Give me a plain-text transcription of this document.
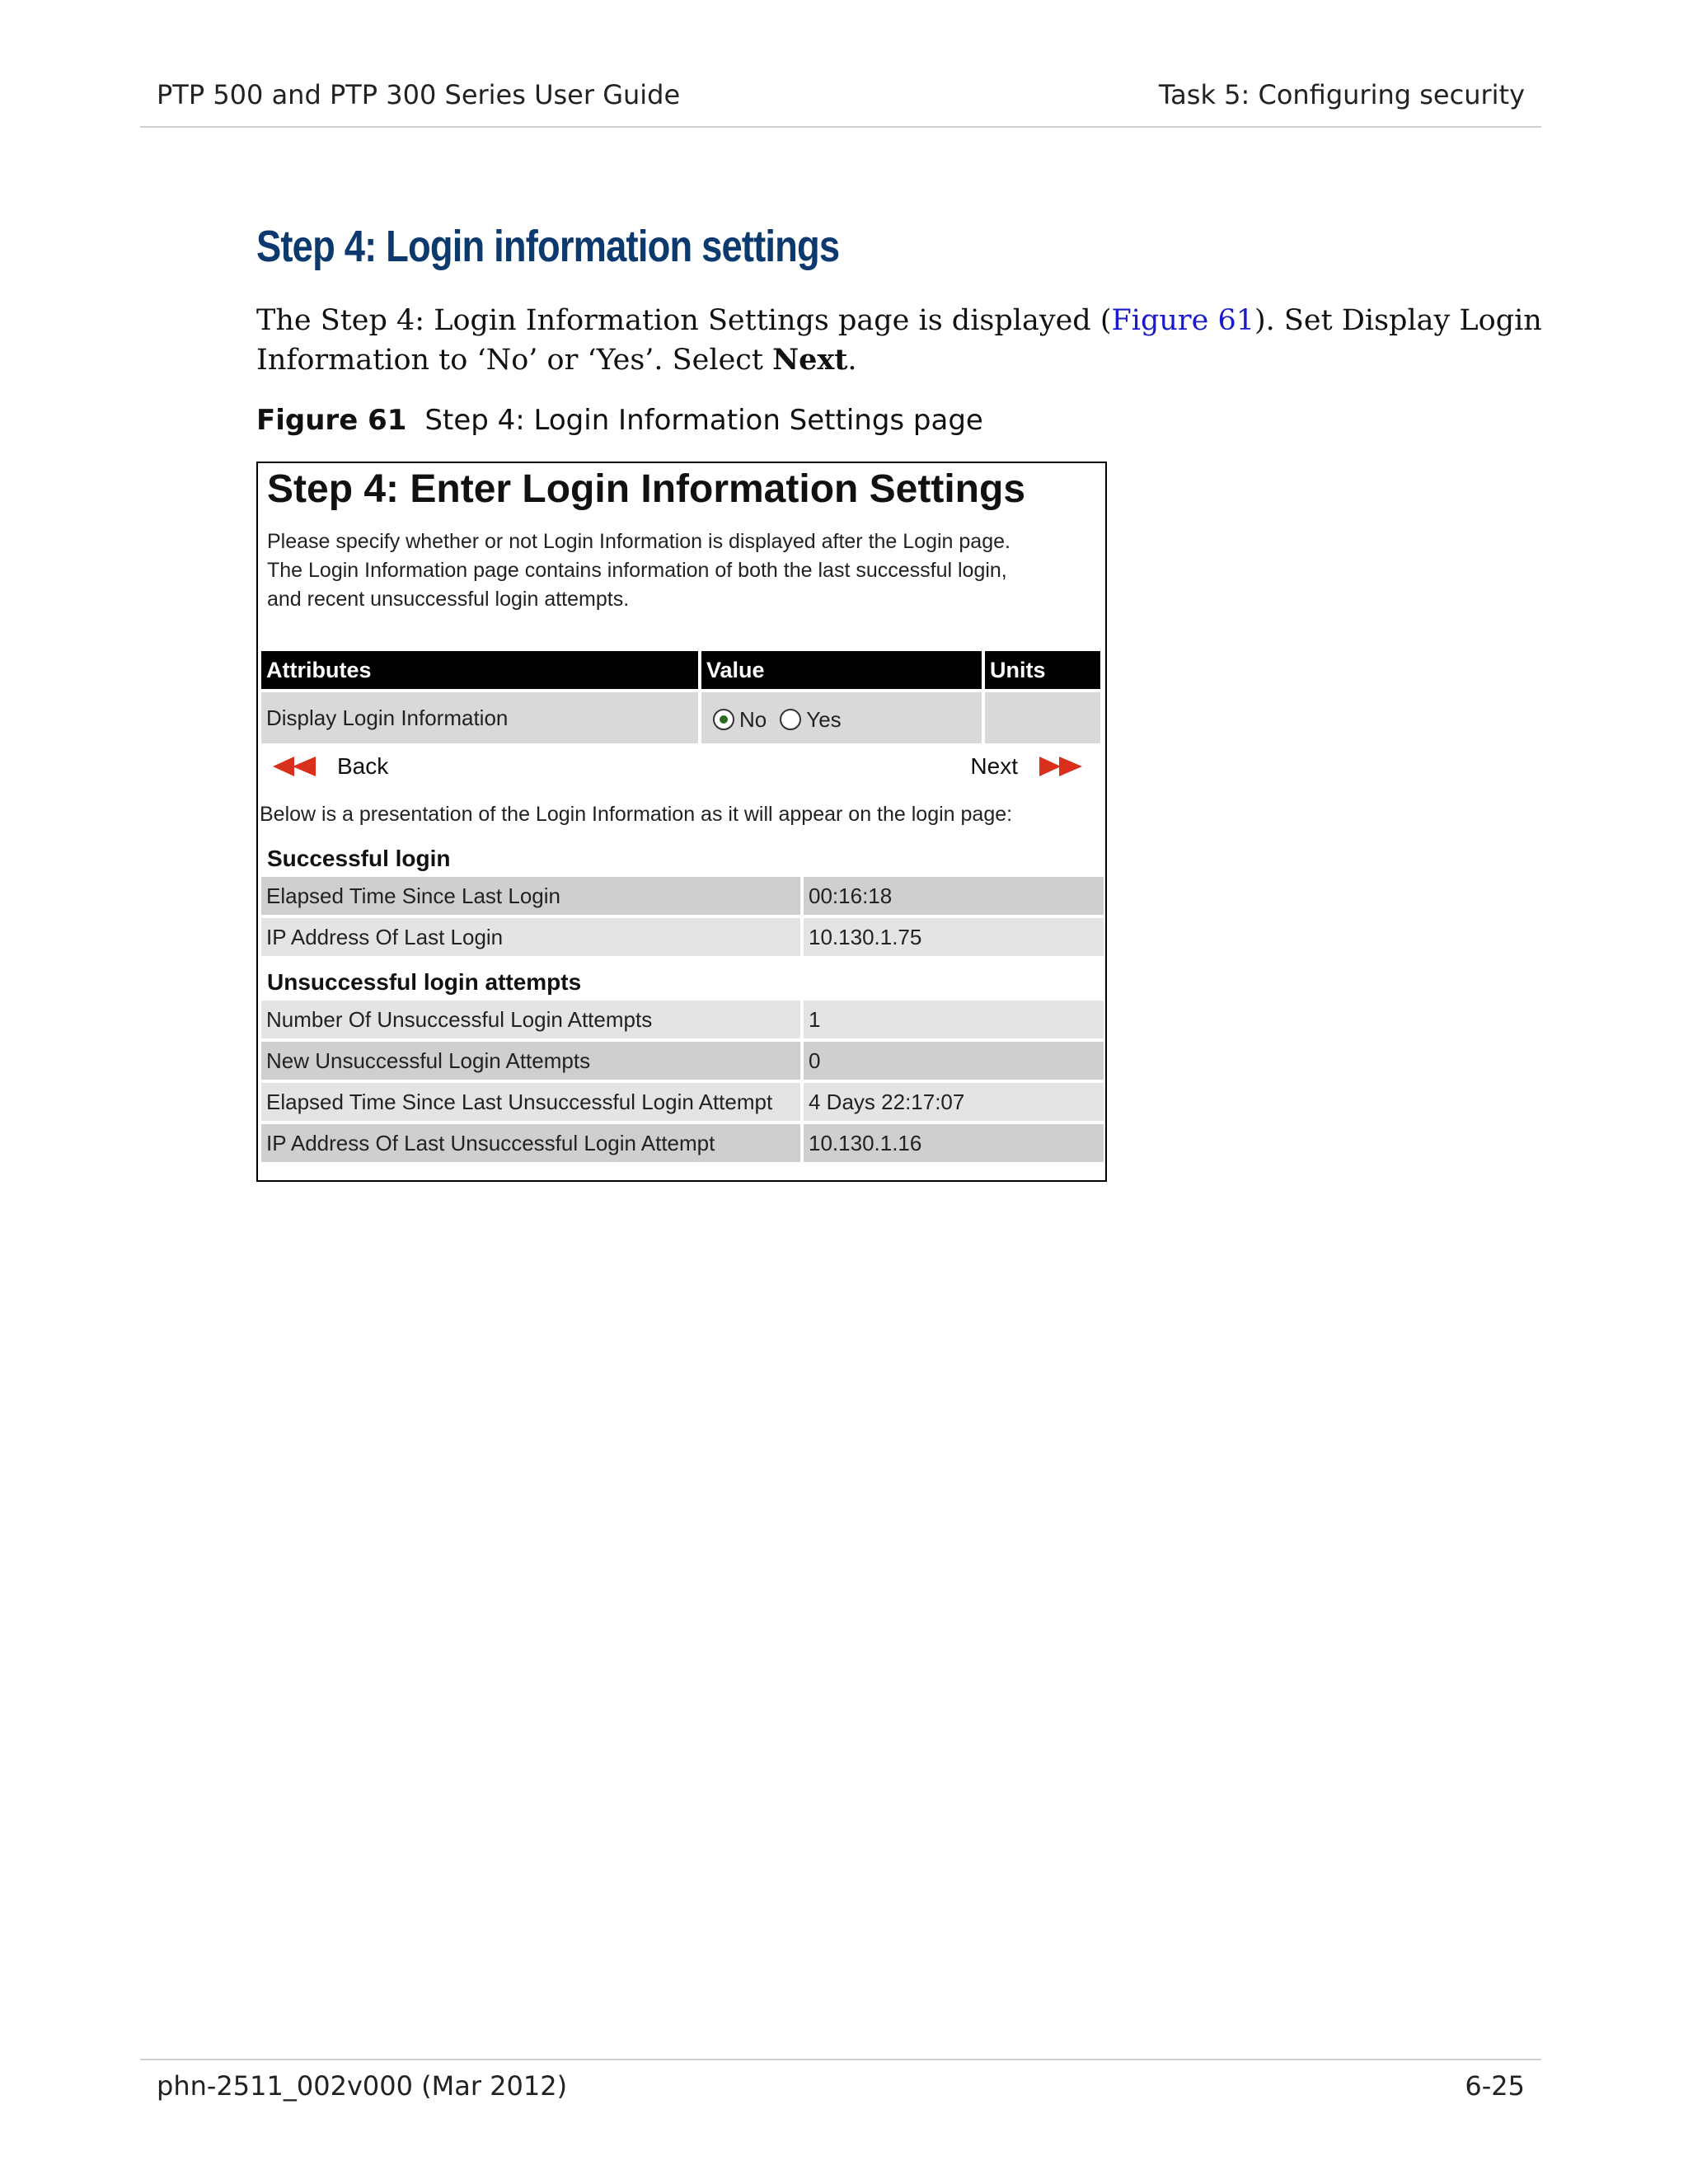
PTP 500 and PTP 300 Series User Guide	Task 5: Configuring security
Step 4: Login information settings
The Step 4: Login Information Settings page is displayed (Figure 61). Set Display Login Information to ‘No’ or ‘Yes’. Select Next.
Figure 61 Step 4: Login Information Settings page
Step 4: Enter Login Information Settings
Please specify whether or not Login Information is displayed after the Login page.
The Login Information page contains information of both the last successful login,
and recent unsuccessful login attempts.
Attributes	Value	Units
Display Login Information	No Yes
Back	Next
Below is a presentation of the Login Information as it will appear on the login page:
Successful login
Elapsed Time Since Last Login	00:16:18
IP Address Of Last Login	10.130.1.75
Unsuccessful login attempts
Number Of Unsuccessful Login Attempts	1
New Unsuccessful Login Attempts	0
Elapsed Time Since Last Unsuccessful Login Attempt	4 Days 22:17:07
IP Address Of Last Unsuccessful Login Attempt	10.130.1.16
phn-2511_002v000 (Mar 2012)	6-25
